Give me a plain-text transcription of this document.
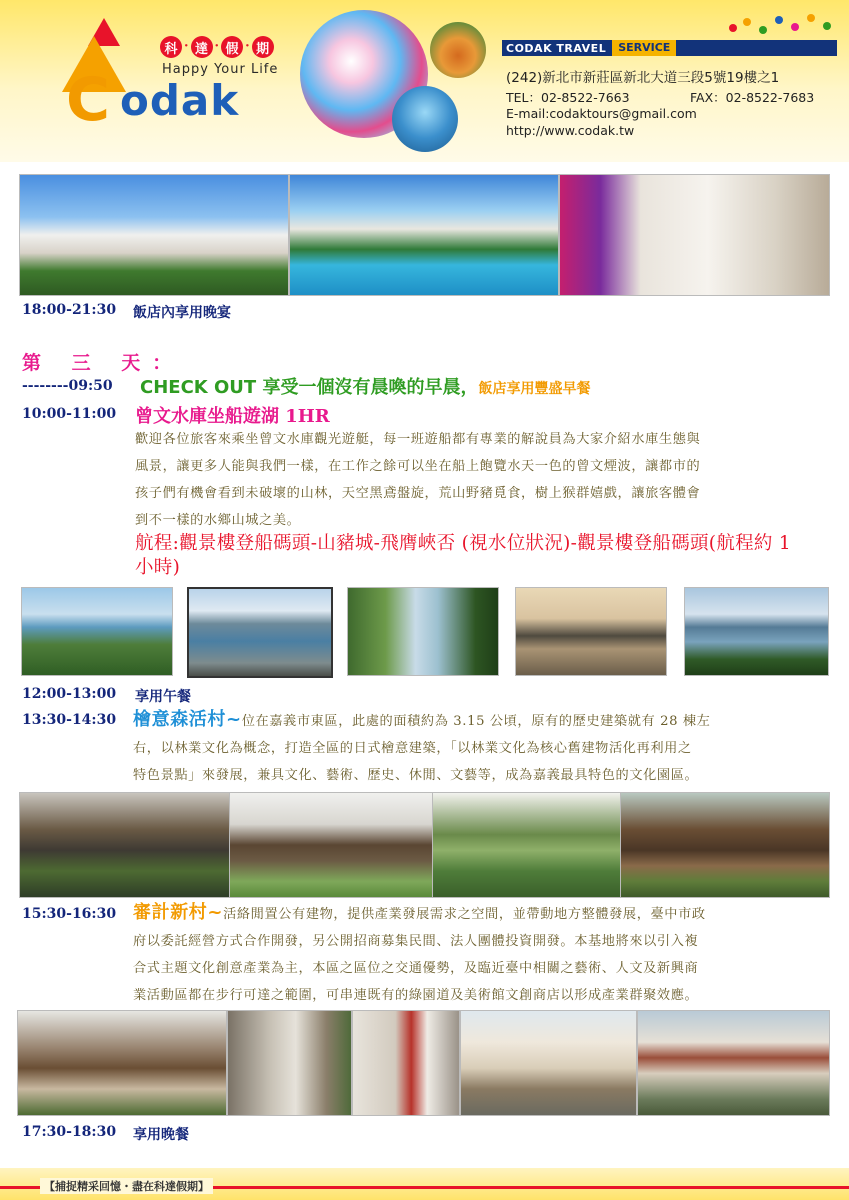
C odak
科 · 達 · 假 · 期
Happy Your Life
CODAK TRAVEL	SERVICE
(242)新北市新莊區新北大道三段5號19樓之1
TEL：02-8522-7663	FAX：02-8522-7683
E-mail:codaktours@gmail.com
http://www.codak.tw
18:00-21:30 飯店內享用晚宴
第 三 天：
--------09:50 CHECK OUT 享受一個沒有晨喚的早晨，飯店享用豐盛早餐
10:00-11:00 曾文水庫坐船遊湖 1HR
歡迎各位旅客來乘坐曾文水庫觀光遊艇，每一班遊船都有專業的解說員為大家介紹水庫生態與
風景，讓更多人能與我們一樣，在工作之餘可以坐在船上飽覽水天一色的曾文煙波，讓都市的
孩子們有機會看到未破壞的山林，天空黑鳶盤旋，荒山野豬覓食，樹上猴群嬉戲，讓旅客體會
到不一樣的水鄉山城之美。
航程:觀景樓登船碼頭-山豬城-飛膺峽否 (視水位狀況)-觀景樓登船碼頭(航程約 1 小時)
12:00-13:00 享用午餐
13:30-14:30 檜意森活村~位在嘉義市東區，此處的面積約為 3.15 公頃，原有的歷史建築就有 28 棟左
右，以林業文化為概念，打造全區的日式檜意建築，「以林業文化為核心舊建物活化再利用之
特色景點」來發展，兼具文化、藝術、歷史、休閒、文藝等，成為嘉義最具特色的文化園區。
15:30-16:30 審計新村~活絡閒置公有建物，提供產業發展需求之空間，並帶動地方整體發展，臺中市政
府以委託經營方式合作開發，另公開招商募集民間、法人團體投資開發。本基地將來以引入複
合式主題文化創意產業為主，本區之區位之交通優勢，及臨近臺中相關之藝術、人文及新興商
業活動區都在步行可達之範圍，可串連既有的綠園道及美術館文創商店以形成產業群聚效應。
17:30-18:30 享用晚餐
【捕捉精采回憶・盡在科達假期】
